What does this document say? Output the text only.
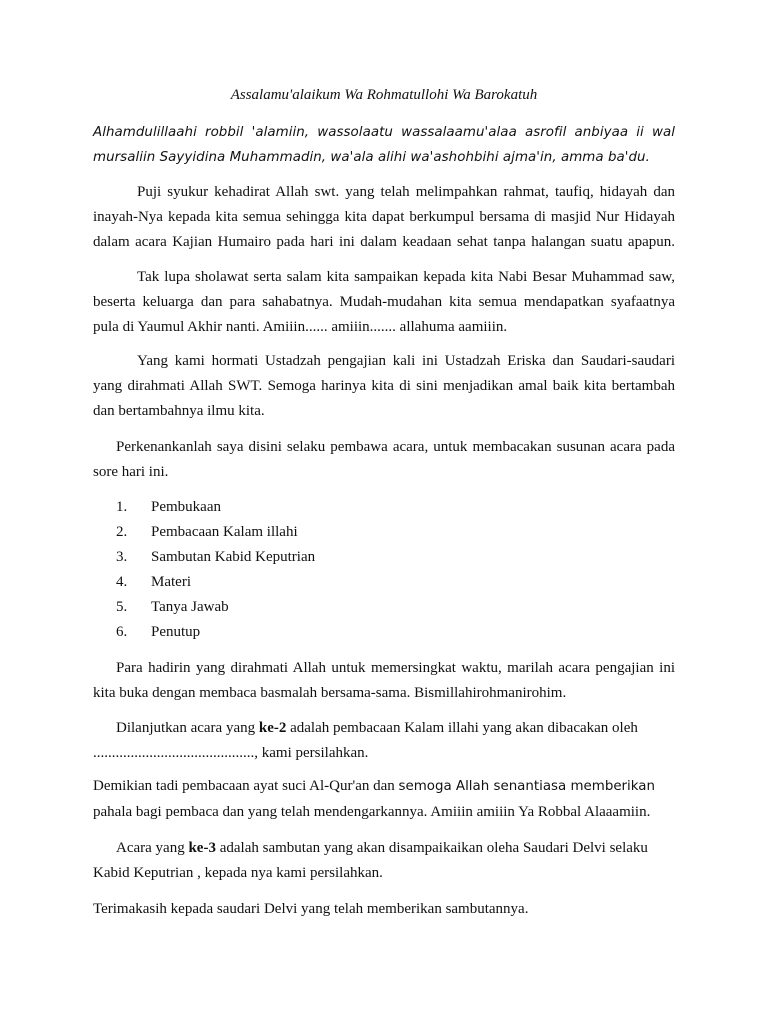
Assalamu'alaikum Wa Rohmatullohi Wa Barokatuh
Alhamdulillaahi robbil 'alamiin, wassolaatu wassalaamu'alaa asrofil anbiyaa ii wal
mursaliin Sayyidina Muhammadin, wa'ala alihi wa'ashohbihi ajma'in, amma ba'du.
Puji syukur kehadirat Allah swt. yang telah melimpahkan rahmat, taufiq, hidayah dan
inayah-Nya kepada kita semua sehingga kita dapat berkumpul bersama di masjid Nur Hidayah
dalam acara Kajian Humairo pada hari ini dalam keadaan sehat tanpa halangan suatu apapun.
Tak lupa sholawat serta salam kita sampaikan kepada kita Nabi Besar Muhammad saw,
beserta keluarga dan para sahabatnya. Mudah-mudahan kita semua mendapatkan syafaatnya
pula di Yaumul Akhir nanti. Amiiin...... amiiin....... allahuma aamiiin.
Yang kami hormati Ustadzah pengajian kali ini Ustadzah Eriska dan Saudari-saudari
yang dirahmati Allah SWT. Semoga harinya kita di sini menjadikan amal baik kita bertambah
dan bertambahnya ilmu kita.
Perkenankanlah saya disini selaku pembawa acara, untuk membacakan susunan acara pada
sore hari ini.
1. Pembukaan
2. Pembacaan Kalam illahi
3. Sambutan Kabid Keputrian
4. Materi
5. Tanya Jawab
6. Penutup
Para hadirin yang dirahmati Allah untuk memersingkat waktu, marilah acara pengajian ini
kita buka dengan membaca basmalah bersama-sama. Bismillahirohmanirohim.
Dilanjutkan acara yang ke-2 adalah pembacaan Kalam illahi yang akan dibacakan oleh
..........................................., kami persilahkan.
Demikian tadi pembacaan ayat suci Al-Qur'an dan semoga Allah senantiasa memberikan
pahala bagi pembaca dan yang telah mendengarkannya. Amiiin amiiin Ya Robbal Alaaamiin.
Acara yang ke-3 adalah sambutan yang akan disampaikaikan oleha Saudari Delvi selaku
Kabid Keputrian , kepada nya kami persilahkan.
Terimakasih kepada saudari Delvi yang telah memberikan sambutannya.
